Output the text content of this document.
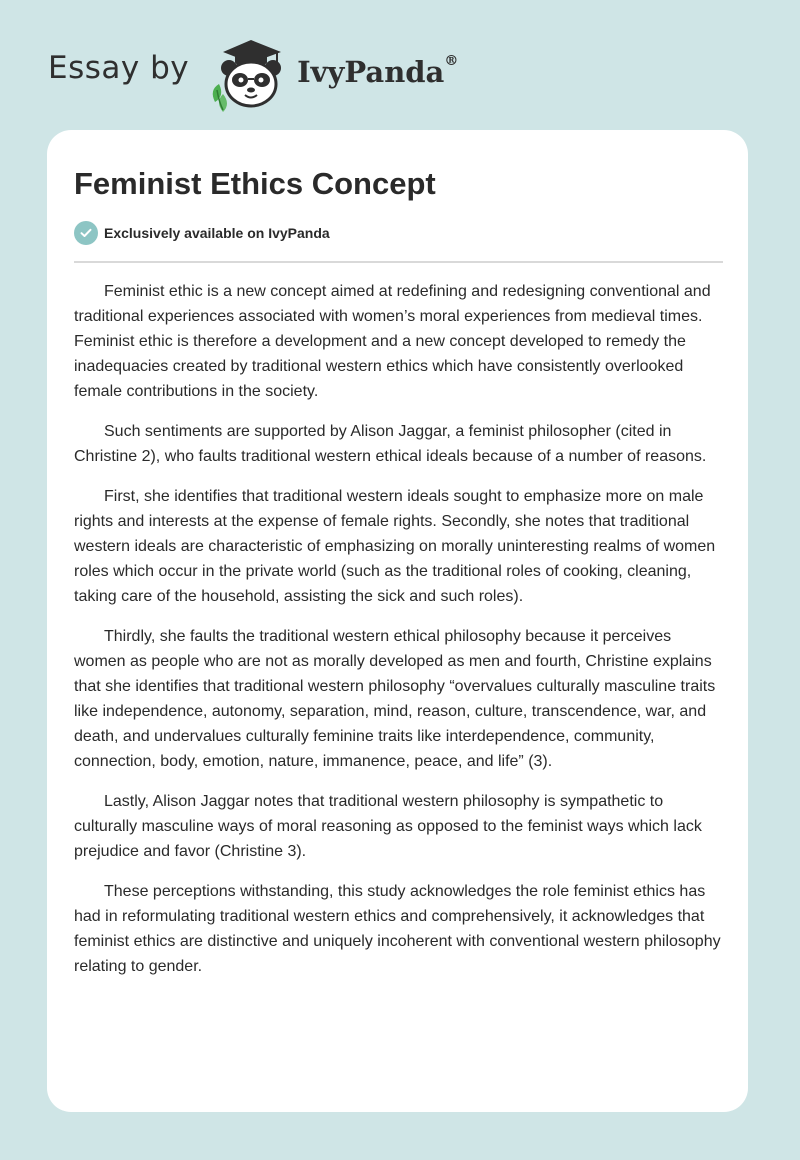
Essay by	IvyPanda®
Feminist Ethics Concept
Exclusively available on IvyPanda

Feminist ethic is a new concept aimed at redefining and redesigning conventional and traditional experiences associated with women’s moral experiences from medieval times. Feminist ethic is therefore a development and a new concept developed to remedy the inadequacies created by traditional western ethics which have consistently overlooked female contributions in the society.

Such sentiments are supported by Alison Jaggar, a feminist philosopher (cited in Christine 2), who faults traditional western ethical ideals because of a number of reasons.

First, she identifies that traditional western ideals sought to emphasize more on male rights and interests at the expense of female rights. Secondly, she notes that traditional western ideals are characteristic of emphasizing on morally uninteresting realms of women roles which occur in the private world (such as the traditional roles of cooking, cleaning, taking care of the household, assisting the sick and such roles).

Thirdly, she faults the traditional western ethical philosophy because it perceives women as people who are not as morally developed as men and fourth, Christine explains that she identifies that traditional western philosophy “overvalues culturally masculine traits like independence, autonomy, separation, mind, reason, culture, transcendence, war, and death, and undervalues culturally feminine traits like interdependence, community, connection, body, emotion, nature, immanence, peace, and life” (3).

Lastly, Alison Jaggar notes that traditional western philosophy is sympathetic to culturally masculine ways of moral reasoning as opposed to the feminist ways which lack prejudice and favor (Christine 3).

These perceptions withstanding, this study acknowledges the role feminist ethics has had in reformulating traditional western ethics and comprehensively, it acknowledges that feminist ethics are distinctive and uniquely incoherent with conventional western philosophy relating to gender.
